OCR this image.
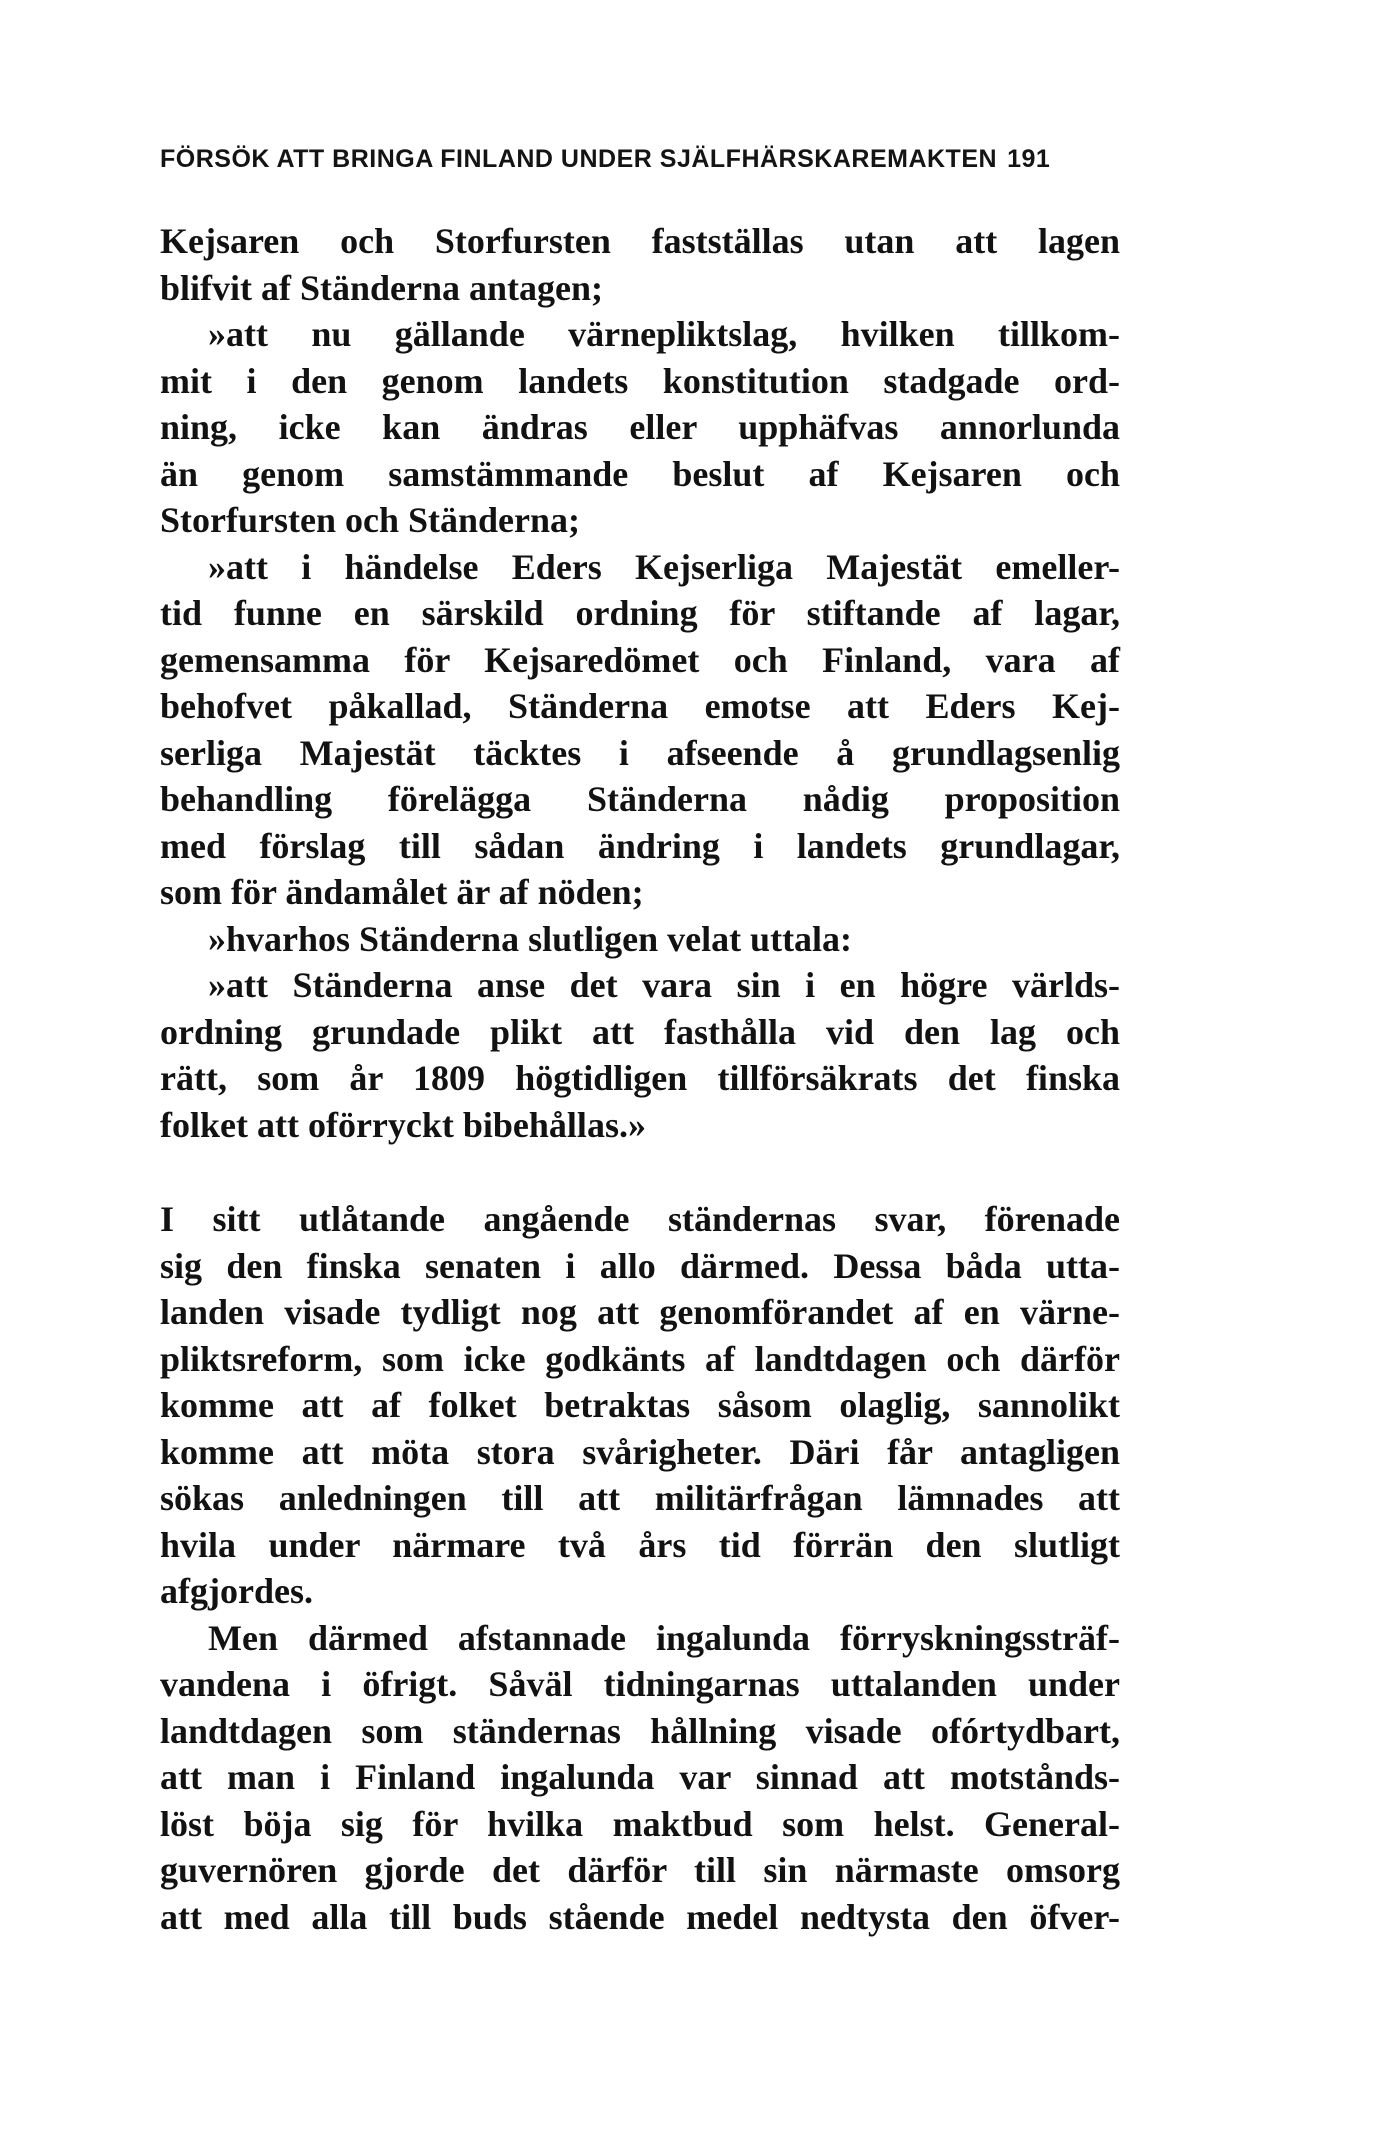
FÖRSÖK ATT BRINGA FINLAND UNDER SJÄLFHÄRSKAREMAKTEN 191
Kejsaren och Storfursten fastställas utan att lagen
blifvit af Ständerna antagen;
»att nu gällande värnepliktslag, hvilken tillkom-
mit i den genom landets konstitution stadgade ord-
ning, icke kan ändras eller upphäfvas annorlunda
än genom samstämmande beslut af Kejsaren och
Storfursten och Ständerna;
»att i händelse Eders Kejserliga Majestät emeller-
tid funne en särskild ordning för stiftande af lagar,
gemensamma för Kejsaredömet och Finland, vara af
behofvet påkallad, Ständerna emotse att Eders Kej-
serliga Majestät täcktes i afseende å grundlagsenlig
behandling förelägga Ständerna nådig proposition
med förslag till sådan ändring i landets grundlagar,
som för ändamålet är af nöden;
»hvarhos Ständerna slutligen velat uttala:
»att Ständerna anse det vara sin i en högre världs-
ordning grundade plikt att fasthålla vid den lag och
rätt, som år 1809 högtidligen tillförsäkrats det finska
folket att oförryckt bibehållas.»
I sitt utlåtande angående ständernas svar, förenade
sig den finska senaten i allo därmed. Dessa båda utta-
landen visade tydligt nog att genomförandet af en värne-
pliktsreform, som icke godkänts af landtdagen och därför
komme att af folket betraktas såsom olaglig, sannolikt
komme att möta stora svårigheter. Däri får antagligen
sökas anledningen till att militärfrågan lämnades att
hvila under närmare två års tid förrän den slutligt
afgjordes.
Men därmed afstannade ingalunda förryskningssträf-
vandena i öfrigt. Såväl tidningarnas uttalanden under
landtdagen som ständernas hållning visade ofórtydbart,
att man i Finland ingalunda var sinnad att motstånds-
löst böja sig för hvilka maktbud som helst. General-
guvernören gjorde det därför till sin närmaste omsorg
att med alla till buds stående medel nedtysta den öfver-
